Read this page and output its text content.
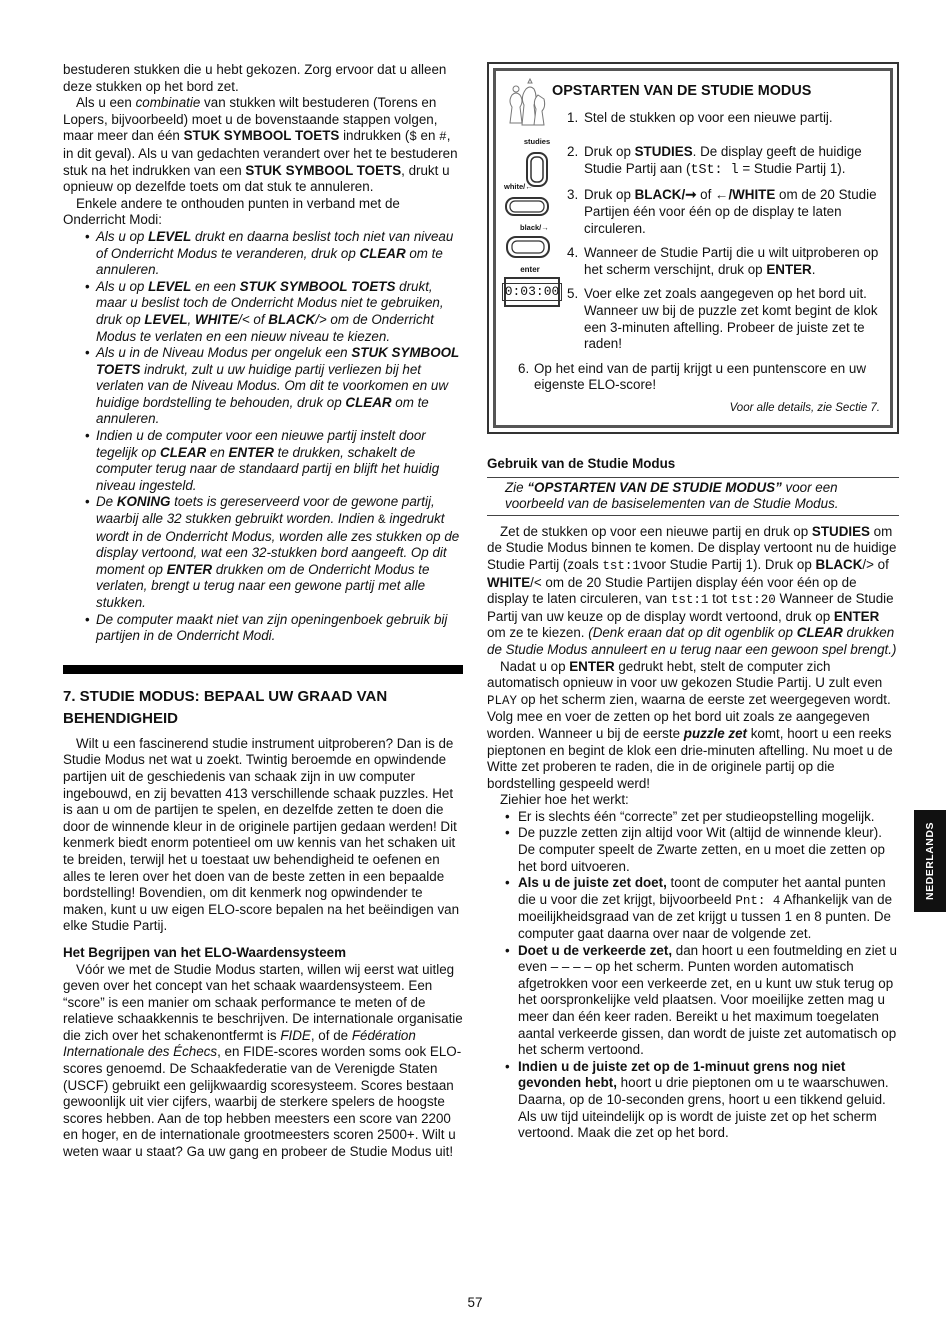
bestuderen stukken die u hebt gekozen. Zorg ervoor dat u alleen deze stukken op het bord zet.

Als u een combinatie van stukken wilt bestuderen (Torens en Lopers, bijvoorbeeld) moet u de bovenstaande stappen volgen, maar meer dan één STUK SYMBOOL TOETS indrukken ($ en #, in dit geval). Als u van gedachten verandert over het te bestuderen stuk na het indrukken van een STUK SYMBOOL TOETS, drukt u opnieuw op dezelfde toets om dat stuk te annuleren.

Enkele andere te onthouden punten in verband met de Onderricht Modi:

• Als u op LEVEL drukt en daarna beslist toch niet van niveau of Onderricht Modus te veranderen, druk op CLEAR om te annuleren.
• Als u op LEVEL en een STUK SYMBOOL TOETS drukt, maar u beslist toch de Onderricht Modus niet te gebruiken, druk op LEVEL, WHITE/< of BLACK/> om de Onderricht Modus te verlaten en een nieuw niveau te kiezen.
• Als u in de Niveau Modus per ongeluk een STUK SYMBOOL TOETS indrukt, zult u uw huidige partij verliezen bij het verlaten van de Niveau Modus. Om dit te voorkomen en uw huidige bordstelling te behouden, druk op CLEAR om te annuleren.
• Indien u de computer voor een nieuwe partij instelt door tegelijk op CLEAR en ENTER te drukken, schakelt de computer terug naar de standaard partij en blijft het huidig niveau ingesteld.
• De KONING toets is gereserveerd voor de gewone partij, waarbij alle 32 stukken gebruikt worden. Indien & ingedrukt wordt in de Onderricht Modus, worden alle zes stukken op de display vertoond, wat een 32-stukken bord aangeeft. Op dit moment op ENTER drukken om de Onderricht Modus te verlaten, brengt u terug naar een gewone partij met alle stukken.
• De computer maakt niet van zijn openingenboek gebruik bij partijen in de Onderricht Modi.
7. STUDIE MODUS: BEPAAL UW GRAAD VAN BEHENDIGHEID

Wilt u een fascinerend studie instrument uitproberen? Dan is de Studie Modus net wat u zoekt. Twintig beroemde en opwindende partijen uit de geschiedenis van schaak zijn in uw computer ingebouwd, en zij bevatten 413 verschillende schaak puzzles. Het is aan u om de partijen te spelen, en dezelfde zetten te doen die door de winnende kleur in de originele partijen gedaan werden! Dit kenmerk biedt enorm potentieel om uw kennis van het schaken uit te breiden, terwijl het u toestaat uw behendigheid te oefenen en alles te leren over het doen van de beste zetten in een bepaalde bordstelling! Bovendien, om dit kenmerk nog opwindender te maken, kunt u uw eigen ELO-score bepalen na het beëindigen van elke Studie Partij.

Het Begrijpen van het ELO-Waardensysteem

Vóór we met de Studie Modus starten, willen wij eerst wat uitleg geven over het concept van het schaak waardensysteem. Een “score” is een manier om schaak performance te meten of de relatieve schaakkennis te beschrijven. De internationale organisatie die zich over het schakenontfermt is FIDE, of de Fédération Internationale des Échecs, en FIDE-scores worden soms ook ELO-scores genoemd. De Schaakfederatie van de Verenigde Staten (USCF) gebruikt een gelijkwaardig scoresysteem. Scores bestaan gewoonlijk uit vier cijfers, waarbij de sterkere spelers de hoogste scores hebben. Aan de top hebben meesters een score van 2200 en hoger, en de internationale grootmeesters scoren 2500+. Wilt u weten waar u staat? Ga uw gang en probeer de Studie Modus uit!

OPSTARTEN VAN DE STUDIE MODUS
studies
white/←
black/→
enter
0:03:00
1. Stel de stukken op voor een nieuwe partij.
2. Druk op STUDIES. De display geeft de huidige Studie Partij aan (tSt: l = Studie Partij 1).
3. Druk op BLACK/➞ of ←/WHITE om de 20 Studie Partijen één voor één op de display te laten circuleren.
4. Wanneer de Studie Partij die u wilt uitproberen op het scherm verschijnt, druk op ENTER.
5. Voer elke zet zoals aangegeven op het bord uit. Wanneer uw bij de puzzle zet komt begint de klok een 3-minuten aftelling. Probeer de juiste zet te raden!
6. Op het eind van de partij krijgt u een puntenscore en uw eigenste ELO-score!
Voor alle details, zie Sectie 7.
Gebruik van de Studie Modus

Zie “OPSTARTEN VAN DE STUDIE MODUS” voor een voorbeeld van de basiselementen van de Studie Modus.

Zet de stukken op voor een nieuwe partij en druk op STUDIES om de Studie Modus binnen te komen. De display vertoont nu de huidige Studie Partij (zoals tst:1voor Studie Partij 1). Druk op BLACK/> of WHITE/< om de 20 Studie Partijen display één voor één op de display te laten circuleren, van tst:1 tot tst:20 Wanneer de Studie Partij van uw keuze op de display wordt vertoond, druk op ENTER om ze te kiezen. (Denk eraan dat op dit ogenblik op CLEAR drukken de Studie Modus annuleert en u terug naar een gewoon spel brengt.)

Nadat u op ENTER gedrukt hebt, stelt de computer zich automatisch opnieuw in voor uw gekozen Studie Partij. U zult even PLAY op het scherm zien, waarna de eerste zet weergegeven wordt. Volg mee en voer de zetten op het bord uit zoals ze aangegeven worden. Wanneer u bij de eerste puzzle zet komt, hoort u een reeks pieptonen en begint de klok een drie-minuten aftelling. Nu moet u de Witte zet proberen te raden, die in de originele partij op die bordstelling gespeeld werd!

Ziehier hoe het werkt:

• Er is slechts één “correcte” zet per studieopstelling mogelijk.
• De puzzle zetten zijn altijd voor Wit (altijd de winnende kleur). De computer speelt de Zwarte zetten, en u moet die zetten op het bord uitvoeren.
• Als u de juiste zet doet, toont de computer het aantal punten die u voor die zet krijgt, bijvoorbeeld Pnt: 4 Afhankelijk van de moeilijkheidsgraad van de zet krijgt u tussen 1 en 8 punten. De computer gaat daarna over naar de volgende zet.
• Doet u de verkeerde zet, dan hoort u een foutmelding en ziet u even – – – – op het scherm. Punten worden automatisch afgetrokken voor een verkeerde zet, en u kunt uw stuk terug op het oorspronkelijke veld plaatsen. Voor moeilijke zetten mag u meer dan één keer raden. Bereikt u het maximum toegelaten aantal verkeerde gissen, dan wordt de juiste zet automatisch op het scherm vertoond.
• Indien u de juiste zet op de 1-minuut grens nog niet gevonden hebt, hoort u drie pieptonen om u te waarschuwen. Daarna, op de 10-seconden grens, hoort u een tikkend geluid. Als uw tijd uiteindelijk op is wordt de juiste zet op het scherm vertoond. Maak die zet op het bord.
NEDERLANDS
57
